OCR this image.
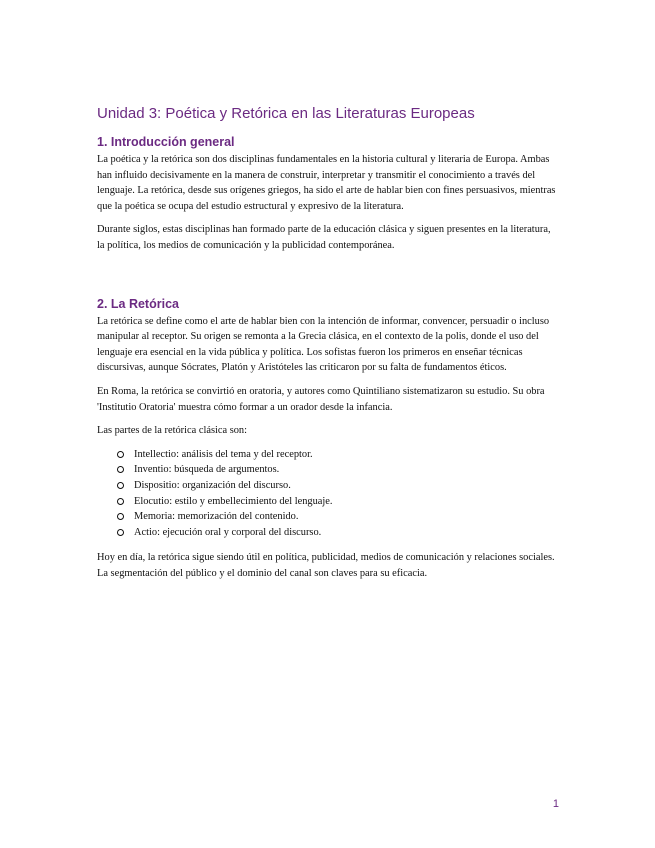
Unidad 3: Poética y Retórica en las Literaturas Europeas
1. Introducción general

La poética y la retórica son dos disciplinas fundamentales en la historia cultural y literaria de Europa. Ambas han influido decisivamente en la manera de construir, interpretar y transmitir el conocimiento a través del lenguaje. La retórica, desde sus orígenes griegos, ha sido el arte de hablar bien con fines persuasivos, mientras que la poética se ocupa del estudio estructural y expresivo de la literatura.

Durante siglos, estas disciplinas han formado parte de la educación clásica y siguen presentes en la literatura, la política, los medios de comunicación y la publicidad contemporánea.

2. La Retórica

La retórica se define como el arte de hablar bien con la intención de informar, convencer, persuadir o incluso manipular al receptor. Su origen se remonta a la Grecia clásica, en el contexto de la polis, donde el uso del lenguaje era esencial en la vida pública y política. Los sofistas fueron los primeros en enseñar técnicas discursivas, aunque Sócrates, Platón y Aristóteles las criticaron por su falta de fundamentos éticos.

En Roma, la retórica se convirtió en oratoria, y autores como Quintiliano sistematizaron su estudio. Su obra 'Institutio Oratoria' muestra cómo formar a un orador desde la infancia.

Las partes de la retórica clásica son:

Intellectio: análisis del tema y del receptor.
Inventio: búsqueda de argumentos.
Dispositio: organización del discurso.
Elocutio: estilo y embellecimiento del lenguaje.
Memoria: memorización del contenido.
Actio: ejecución oral y corporal del discurso.

Hoy en día, la retórica sigue siendo útil en política, publicidad, medios de comunicación y relaciones sociales. La segmentación del público y el dominio del canal son claves para su eficacia.

1
